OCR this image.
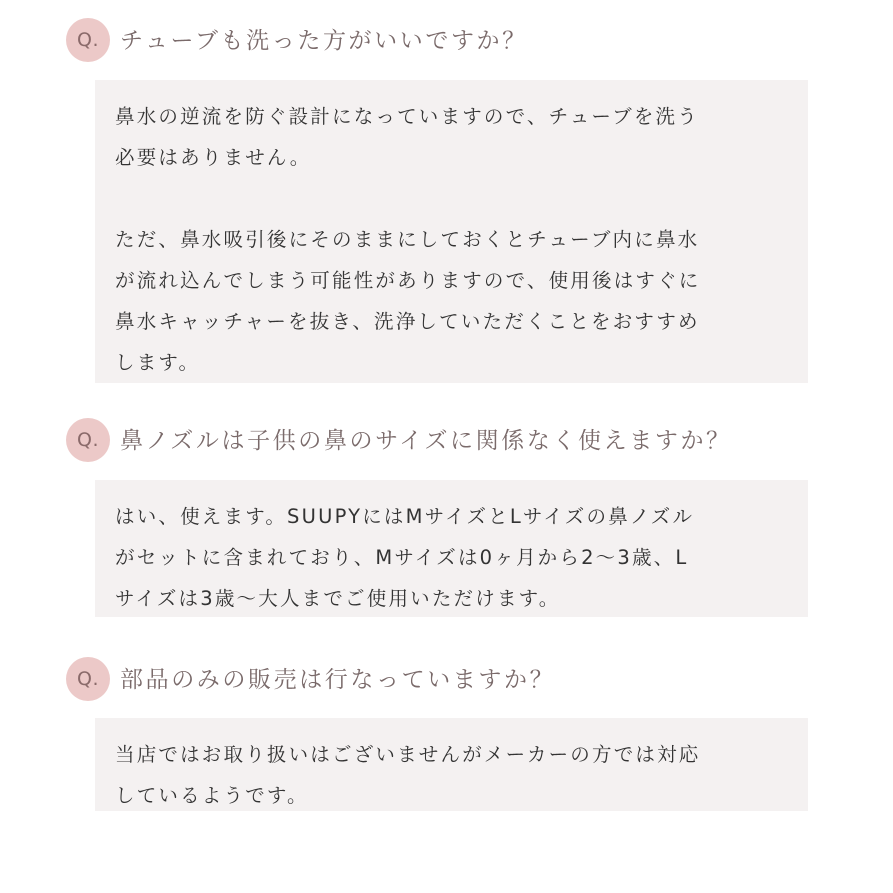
Q. チューブも洗った方がいいですか？

鼻水の逆流を防ぐ設計になっていますので、チューブを洗う
必要はありません。

ただ、鼻水吸引後にそのままにしておくとチューブ内に鼻水
が流れ込んでしまう可能性がありますので、使用後はすぐに
鼻水キャッチャーを抜き、洗浄していただくことをおすすめ
します。

Q. 鼻ノズルは子供の鼻のサイズに関係なく使えますか？

はい、使えます。SUUPYにはMサイズとLサイズの鼻ノズル
がセットに含まれており、Mサイズは0ヶ月から2〜3歳、L
サイズは3歳〜大人までご使用いただけます。

Q. 部品のみの販売は行なっていますか？

当店ではお取り扱いはございませんがメーカーの方では対応
しているようです。
